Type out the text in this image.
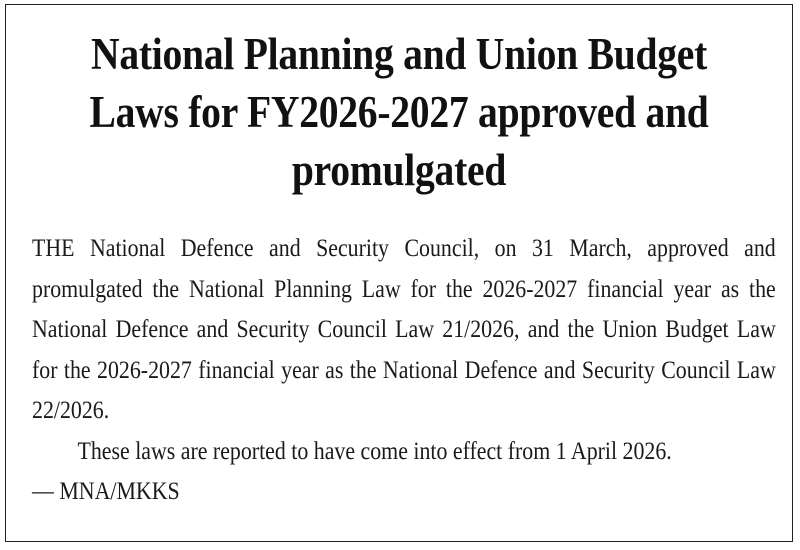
National Planning and Union Budget
Laws for FY2026-2027 approved and
promulgated

THE National Defence and Security Council, on 31 March, approved and promulgated the National Planning Law for the 2026-2027 financial year as the National Defence and Security Council Law 21/2026, and the Union Budget Law for the 2026-2027 financial year as the National Defence and Security Council Law 22/2026.

These laws are reported to have come into effect from 1 April 2026.

— MNA/MKKS
